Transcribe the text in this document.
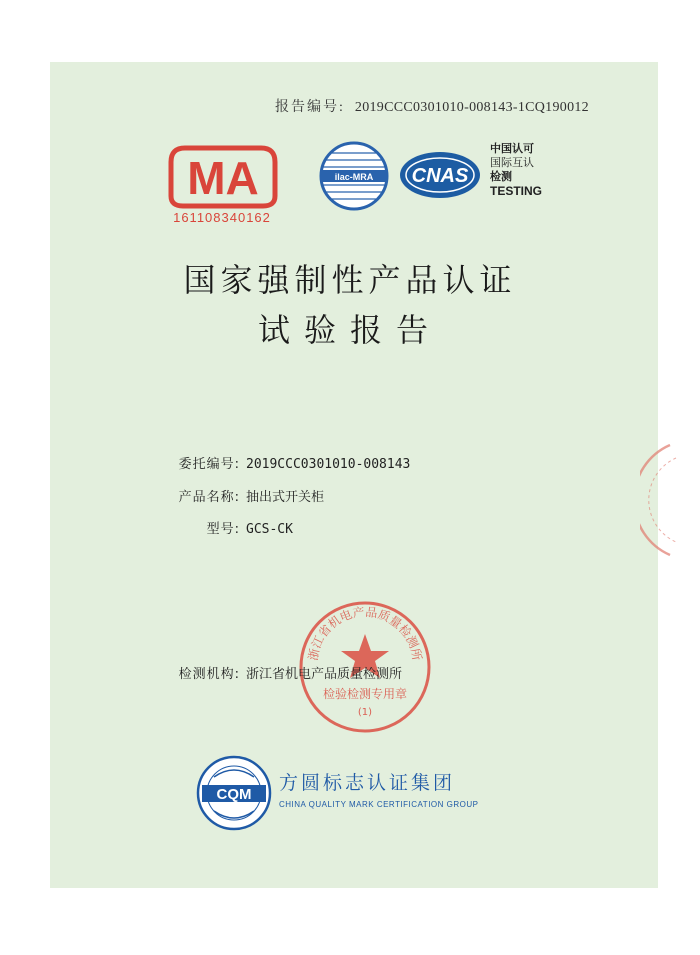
报告编号: 2019CCC0301010-008143-1CQ190012
MA
161108340162
ilac-MRA CNAS
中国认可
国际互认
检测
TESTING
国家强制性产品认证
试验报告
委托编号: 2019CCC0301010-008143
产品名称: 抽出式开关柜
型号: GCS-CK
浙江省机电产品质量检测所
检验检测专用章
(1)
检测机构: 浙江省机电产品质量检测所
CQM
方圆标志认证集团
CHINA QUALITY MARK CERTIFICATION GROUP
